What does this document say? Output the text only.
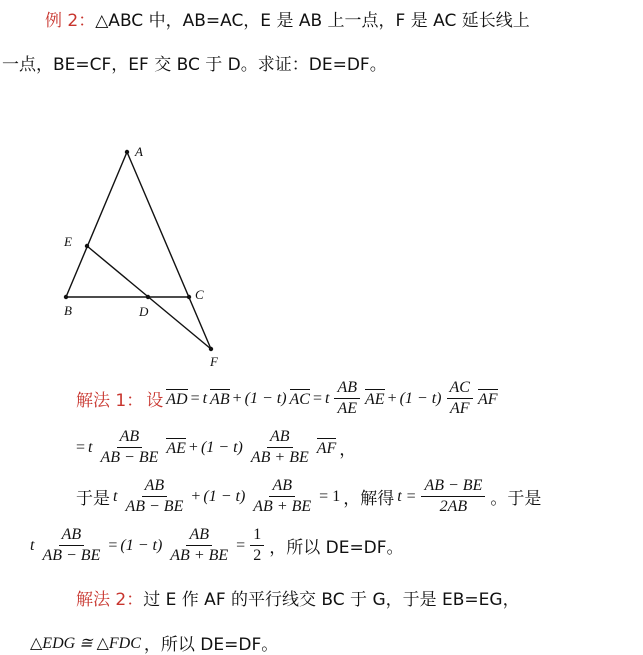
例 2：△ABC 中，AB=AC，E 是 AB 上一点，F 是 AC 延长线上
一点，BE=CF，EF 交 BC 于 D。求证：DE=DF。
A
B
C
D
E
F
解法 1： 设 AD = t AB + (1 − t) AC = t $\frac{AB}{AE}$ AE + $(1 - t) \frac{AC}{AF}$ AF
= t $\frac{AB}{AB - BE}$ AE + $(1 - t) \frac{AB}{AB + BE}$ AF ，
于是 t $\frac{AB}{AB - BE} + (1 - t) \frac{AB}{AB + BE} = 1$ ，解得 $t = \frac{AB - BE}{2AB}$ 。于是
t $\frac{AB}{AB - BE} = (1 - t) \frac{AB}{AB + BE} = \frac{1}{2}$ ，所以 DE=DF。
解法 2：过 E 作 AF 的平行线交 BC 于 G，于是 EB=EG，
△EDG ≅ △FDC ，所以 DE=DF。
